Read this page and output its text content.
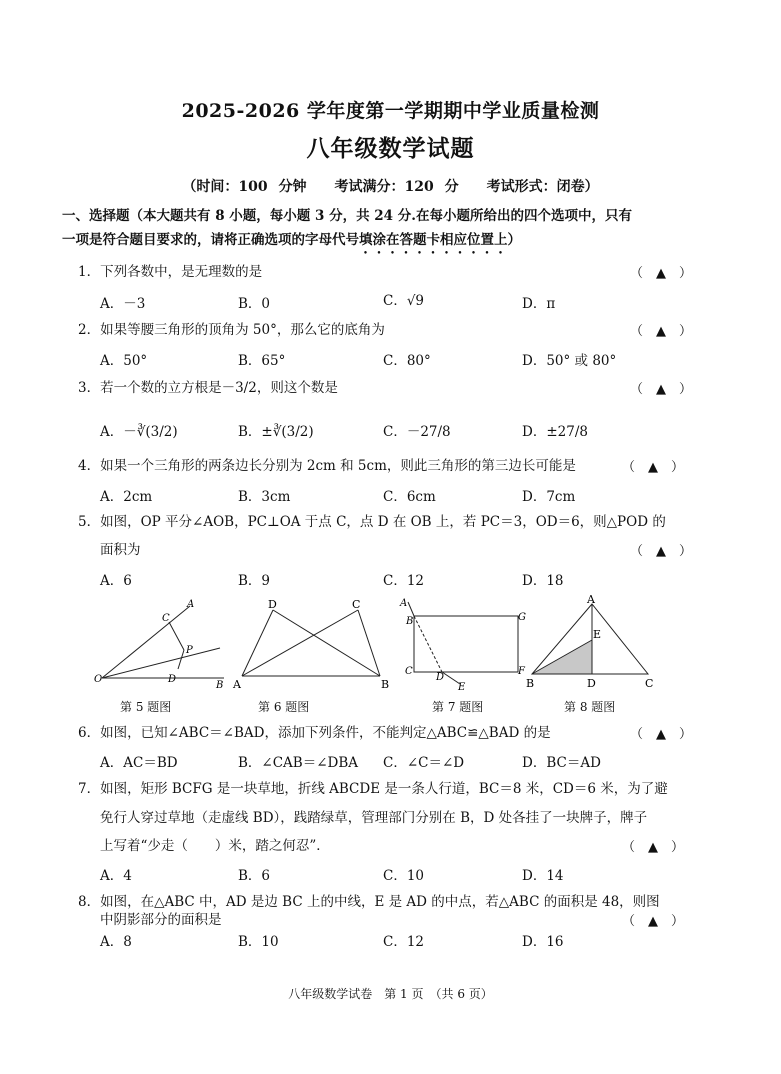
2025-2026 学年度第一学期期中学业质量检测
八年级数学试题
（时间：100 分钟　　考试满分：120 分　　考试形式：闭卷）
一、选择题（本大题共有 8 小题，每小题 3 分，共 24 分.在每小题所给出的四个选项中，只有
一项是符合题目要求的，请将正确选项的字母代号填涂在答题卡相应位置上）
1．下列各数中，是无理数的是	（　▲　）
A．－3	B．0	C．√9	D．π
2．如果等腰三角形的顶角为 50°，那么它的底角为	（　▲　）
A．50°	B．65°	C．80°	D．50° 或 80°
3．若一个数的立方根是－3/2，则这个数是	（　▲　）
A．－∛(3/2)	B．±∛(3/2)	C．－27/8	D．±27/8
4．如果一个三角形的两条边长分别为 2cm 和 5cm，则此三角形的第三边长可能是	（　▲　）
A．2cm	B．3cm	C．6cm	D．7cm
5．如图，OP 平分∠AOB，PC⊥OA 于点 C，点 D 在 OB 上，若 PC＝3，OD＝6，则△POD 的
面积为	（　▲　）
A．6	B．9	C．12	D．18
A
C
P
O	D
B
D	C
A	B
A
B	G
C
D
F
E
A
E
B	D	C
第 5 题图	第 6 题图	第 7 题图	第 8 题图
6．如图，已知∠ABC＝∠BAD，添加下列条件，不能判定△ABC≌△BAD 的是	（　▲　）
A．AC＝BD	B．∠CAB＝∠DBA C．∠C＝∠D	D．BC＝AD
7．如图，矩形 BCFG 是一块草地，折线 ABCDE 是一条人行道，BC＝8 米，CD＝6 米，为了避
免行人穿过草地（走虚线 BD），践踏绿草，管理部门分别在 B，D 处各挂了一块牌子，牌子
上写着“少走（　　）米，踏之何忍”．	（　▲　）
A．4	B．6	C．10	D．14
8．如图，在△ABC 中，AD 是边 BC 上的中线，E 是 AD 的中点，若△ABC 的面积是 48，则图
中阴影部分的面积是	（　▲　）
A．8	B．10	C．12	D．16
八年级数学试卷　第 1 页　（共 6 页）
